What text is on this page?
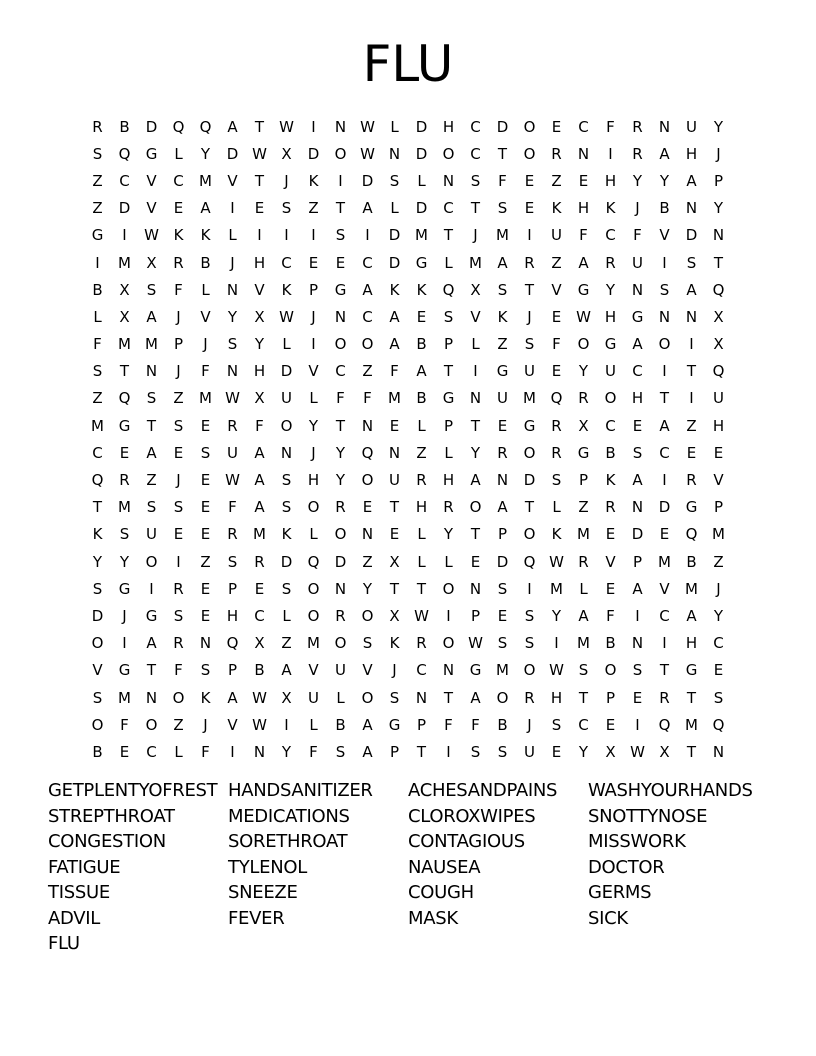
FLU
R	B	D	Q	Q	A	T	W	I	N W	L	D	H	C	D	O	E	C	F	R	N	U	Y
S	Q	G	L	Y	D W X	D	O W N	D	O	C	T	O	R	N	I	R	A	H	J
Z	C	V	C	M	V	T	J	K	I	D	S	L	N	S	F	E	Z	E	H	Y	Y	A	P
Z	D	V	E	A	I	E	S	Z	T	A	L	D	C	T	S	E	K	H	K	J	B	N	Y
G	I	W K	K	L	I	I	I	S	I	D M	T	J	M	I	U	F	C	F	V	D	N
I	M	X	R	B	J	H	C	E	E	C	D	G	L	M	A	R	Z	A	R	U	I	S	T
B	X	S	F	L	N	V	K	P	G	A	K	K	Q	X	S	T	V	G	Y	N	S	A	Q
L	X	A	J	V	Y	X W	J	N	C	A	E	S	V	K	J	E W H	G	N	N	X
F	M M	P	J	S	Y	L	I	O	O	A	B	P	L	Z	S	F	O	G	A	O	I	X
S	T	N	J	F	N	H	D	V	C	Z	F	A	T	I	G	U	E	Y	U	C	I	T	Q
Z	Q	S	Z	M W X	U	L	F	F	M	B	G	N	U	M Q	R	O	H	T	I	U
M G	T	S	E	R	F	O	Y	T	N	E	L	P	T	E	G	R	X	C	E	A	Z	H
C	E	A	E	S	U	A	N	J	Y	Q	N	Z	L	Y	R	O	R	G	B	S	C	E	E
Q	R	Z	J	E W A	S	H	Y	O	U	R	H	A	N	D	S	P	K	A	I	R	V
T	M	S	S	E	F	A	S	O	R	E	T	H	R	O	A	T	L	Z	R	N	D	G	P
K	S	U	E	E	R	M	K	L	O	N	E	L	Y	T	P	O	K	M	E	D	E	Q M
Y	Y	O	I	Z	S	R	D	Q	D	Z	X	L	L	E	D	Q W R	V	P	M	B	Z
S	G	I	R	E	P	E	S	O	N	Y	T	T	O	N	S	I	M	L	E	A	V	M	J
D	J	G	S	E	H	C	L	O	R	O	X W	I	P	E	S	Y	A	F	I	C	A	Y
O	I	A	R	N	Q	X	Z	M O	S	K	R	O W S	S	I	M	B	N	I	H	C
V	G	T	F	S	P	B	A	V	U	V	J	C	N	G M O W S	O	S	T	G	E
S	M N	O	K	A W X	U	L	O	S	N	T	A	O	R	H	T	P	E	R	T	S
O	F	O	Z	J	V W	I	L	B	A	G	P	F	F	B	J	S	C	E	I	Q M Q
B	E	C	L	F	I	N	Y	F	S	A	P	T	I	S	S	U	E	Y	X W X	T	N
GETPLENTYOFREST HANDSANITIZER	ACHESANDPAINS	WASHYOURHANDS
STREPTHROAT	MEDICATIONS	CLOROXWIPES	SNOTTYNOSE
CONGESTION	SORETHROAT	CONTAGIOUS	MISSWORK
FATIGUE	TYLENOL	NAUSEA	DOCTOR
TISSUE	SNEEZE	COUGH	GERMS
ADVIL	FEVER	MASK	SICK
FLU
